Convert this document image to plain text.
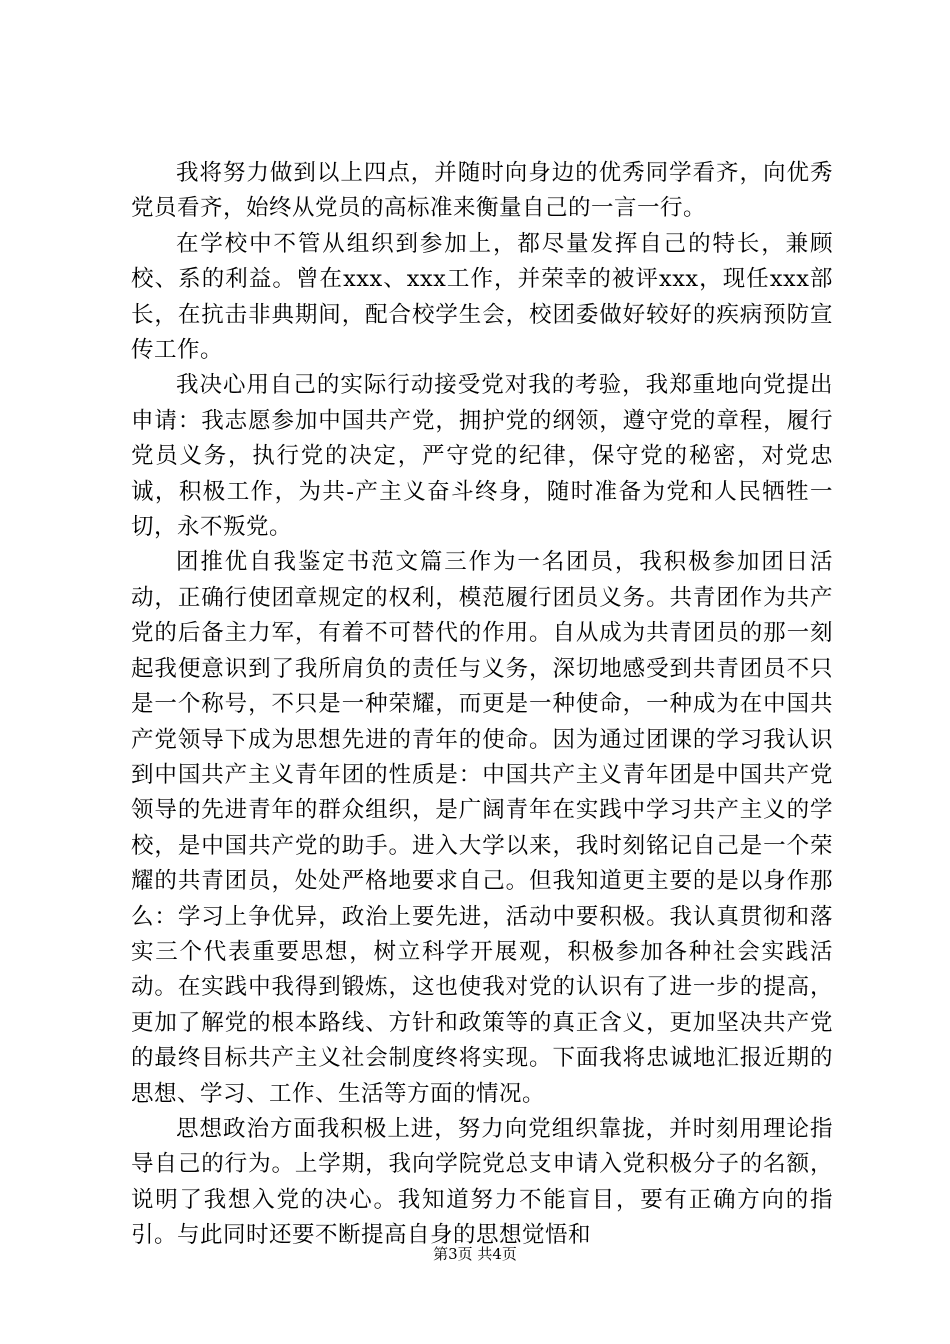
我将努力做到以上四点，并随时向身边的优秀同学看齐，向优秀党员看齐，始终从党员的高标准来衡量自己的一言一行。

在学校中不管从组织到参加上，都尽量发挥自己的特长，兼顾校、系的利益。曾在xxx、xxx工作，并荣幸的被评xxx，现任xxx部长，在抗击非典期间，配合校学生会，校团委做好较好的疾病预防宣传工作。

我决心用自己的实际行动接受党对我的考验，我郑重地向党提出申请：我志愿参加中国共产党，拥护党的纲领，遵守党的章程，履行党员义务，执行党的决定，严守党的纪律，保守党的秘密，对党忠诚，积极工作，为共-产主义奋斗终身，随时准备为党和人民牺牲一切，永不叛党。

团推优自我鉴定书范文篇三作为一名团员，我积极参加团日活动，正确行使团章规定的权利，模范履行团员义务。共青团作为共产党的后备主力军，有着不可替代的作用。自从成为共青团员的那一刻起我便意识到了我所肩负的责任与义务，深切地感受到共青团员不只是一个称号，不只是一种荣耀，而更是一种使命，一种成为在中国共产党领导下成为思想先进的青年的使命。因为通过团课的学习我认识到中国共产主义青年团的性质是：中国共产主义青年团是中国共产党领导的先进青年的群众组织，是广阔青年在实践中学习共产主义的学校，是中国共产党的助手。进入大学以来，我时刻铭记自己是一个荣耀的共青团员，处处严格地要求自己。但我知道更主要的是以身作那么：学习上争优异，政治上要先进，活动中要积极。我认真贯彻和落实三个代表重要思想，树立科学开展观，积极参加各种社会实践活动。在实践中我得到锻炼，这也使我对党的认识有了进一步的提高，更加了解党的根本路线、方针和政策等的真正含义，更加坚决共产党的最终目标共产主义社会制度终将实现。下面我将忠诚地汇报近期的思想、学习、工作、生活等方面的情况。

思想政治方面我积极上进，努力向党组织靠拢，并时刻用理论指导自己的行为。上学期，我向学院党总支申请入党积极分子的名额，说明了我想入党的决心。我知道努力不能盲目，要有正确方向的指引。与此同时还要不断提高自身的思想觉悟和

第3页 共4页
